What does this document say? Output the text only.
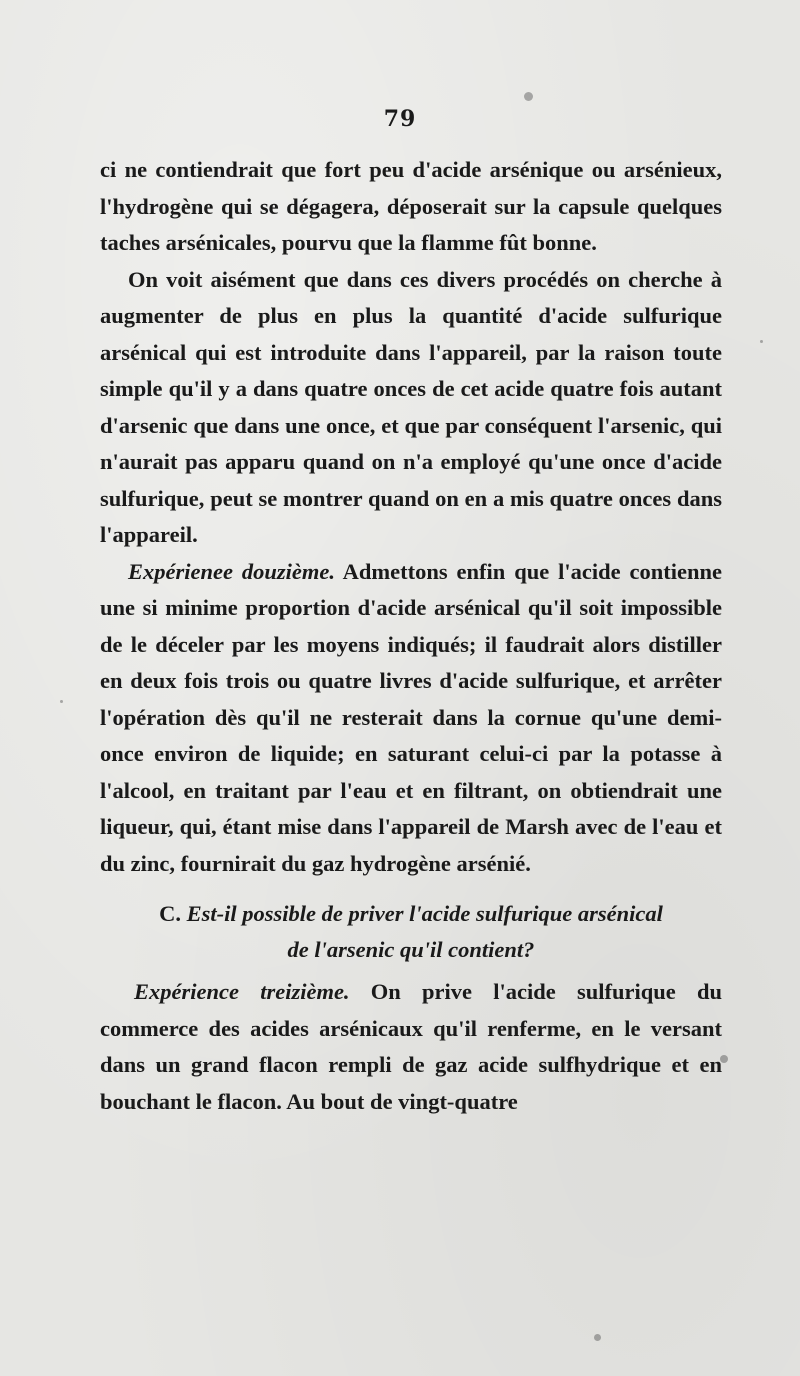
79

ci ne contiendrait que fort peu d'acide arsénique ou arsénieux, l'hydrogène qui se dégagera, déposerait sur la capsule quelques taches arsénicales, pourvu que la flamme fût bonne.

On voit aisément que dans ces divers procédés on cherche à augmenter de plus en plus la quantité d'acide sulfurique arsénical qui est introduite dans l'appareil, par la raison toute simple qu'il y a dans quatre onces de cet acide quatre fois autant d'arsenic que dans une once, et que par conséquent l'arsenic, qui n'aurait pas apparu quand on n'a employé qu'une once d'acide sulfurique, peut se montrer quand on en a mis quatre onces dans l'appareil.

Expérienee douzième. Admettons enfin que l'acide contienne une si minime proportion d'acide arsénical qu'il soit impossible de le déceler par les moyens indiqués; il faudrait alors distiller en deux fois trois ou quatre livres d'acide sulfurique, et arrêter l'opération dès qu'il ne resterait dans la cornue qu'une demi-once environ de liquide; en saturant celui-ci par la potasse à l'alcool, en traitant par l'eau et en filtrant, on obtiendrait une liqueur, qui, étant mise dans l'appareil de Marsh avec de l'eau et du zinc, fournirait du gaz hydrogène arsénié.

C. Est-il possible de priver l'acide sulfurique arsénical
de l'arsenic qu'il contient?

Expérience treizième. On prive l'acide sulfurique du commerce des acides arsénicaux qu'il renferme, en le versant dans un grand flacon rempli de gaz acide sulfhydrique et en bouchant le flacon. Au bout de vingt-quatre
